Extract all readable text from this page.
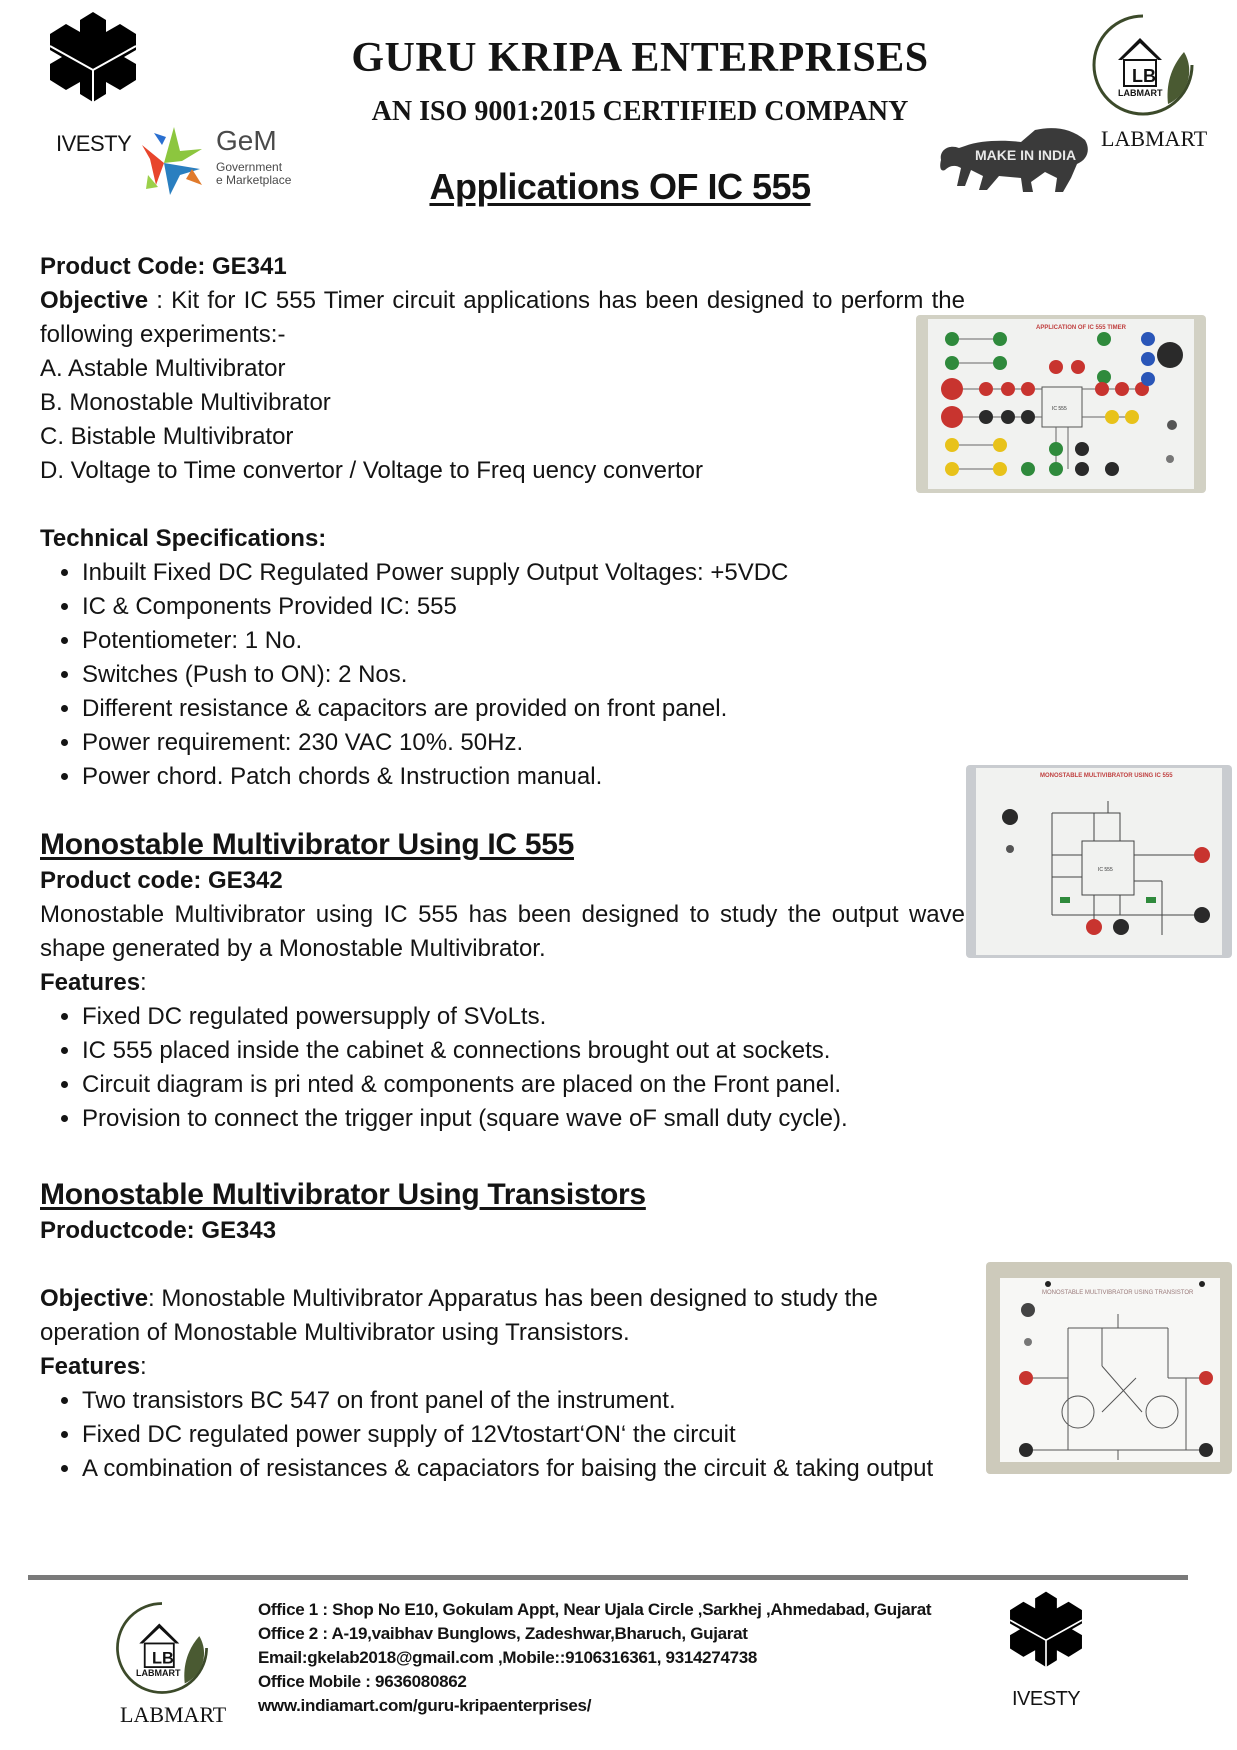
IVESTY	GeM
Government
e Marketplace
GURU KRIPA ENTERPRISES
AN ISO 9001:2015 CERTIFIED COMPANY
LB
LABMART
MAKE IN INDIA
LABMART
Applications OF IC 555

Product Code: GE341

Objective : Kit for IC 555 Timer circuit applications has been designed to perform the following experiments:-

A. Astable Multivibrator

B. Monostable Multivibrator

C. Bistable Multivibrator

D. Voltage to Time convertor / Voltage to Freq uency convertor

Technical Specifications:

• Inbuilt Fixed DC Regulated Power supply Output Voltages: +5VDC
• IC & Components Provided IC: 555
• Potentiometer: 1 No.
• Switches (Push to ON): 2 Nos.
• Different resistance & capacitors are provided on front panel.
• Power requirement: 230 VAC 10%. 50Hz.
• Power chord. Patch chords & Instruction manual.
APPLICATION OF IC 555 TIMER
IC 555

Monostable Multivibrator Using IC 555

Product code: GE342

Monostable Multivibrator using IC 555 has been designed to study the output wave shape generated by a Monostable Multivibrator.

Features:

• Fixed DC regulated powersupply of SVoLts.
• IC 555 placed inside the cabinet & connections brought out at sockets.
• Circuit diagram is pri nted & components are placed on the Front panel.
• Provision to connect the trigger input (square wave oF small duty cycle).
MONOSTABLE MULTIVIBRATOR USING IC 555
IC 555

Monostable Multivibrator Using Transistors

Productcode: GE343

Objective: Monostable Multivibrator Apparatus has been designed to study the operation of Monostable Multivibrator using Transistors.

Features:

• Two transistors BC 547 on front panel of the instrument.
• Fixed DC regulated power supply of 12Vtostart‘ON‘ the circuit
• A combination of resistances & capaciators for baising the circuit & taking output
MONOSTABLE MULTIVIBRATOR USING TRANSISTOR
LB
LABMART
LABMART
Office 1 : Shop No E10, Gokulam Appt, Near Ujala Circle ,Sarkhej ,Ahmedabad, Gujarat
Office 2 : A-19,vaibhav Bunglows, Zadeshwar,Bharuch, Gujarat
Email:gkelab2018@gmail.com ,Mobile::9106316361, 9314274738
Office Mobile : 9636080862
www.indiamart.com/guru-kripaenterprises/	IVESTY
